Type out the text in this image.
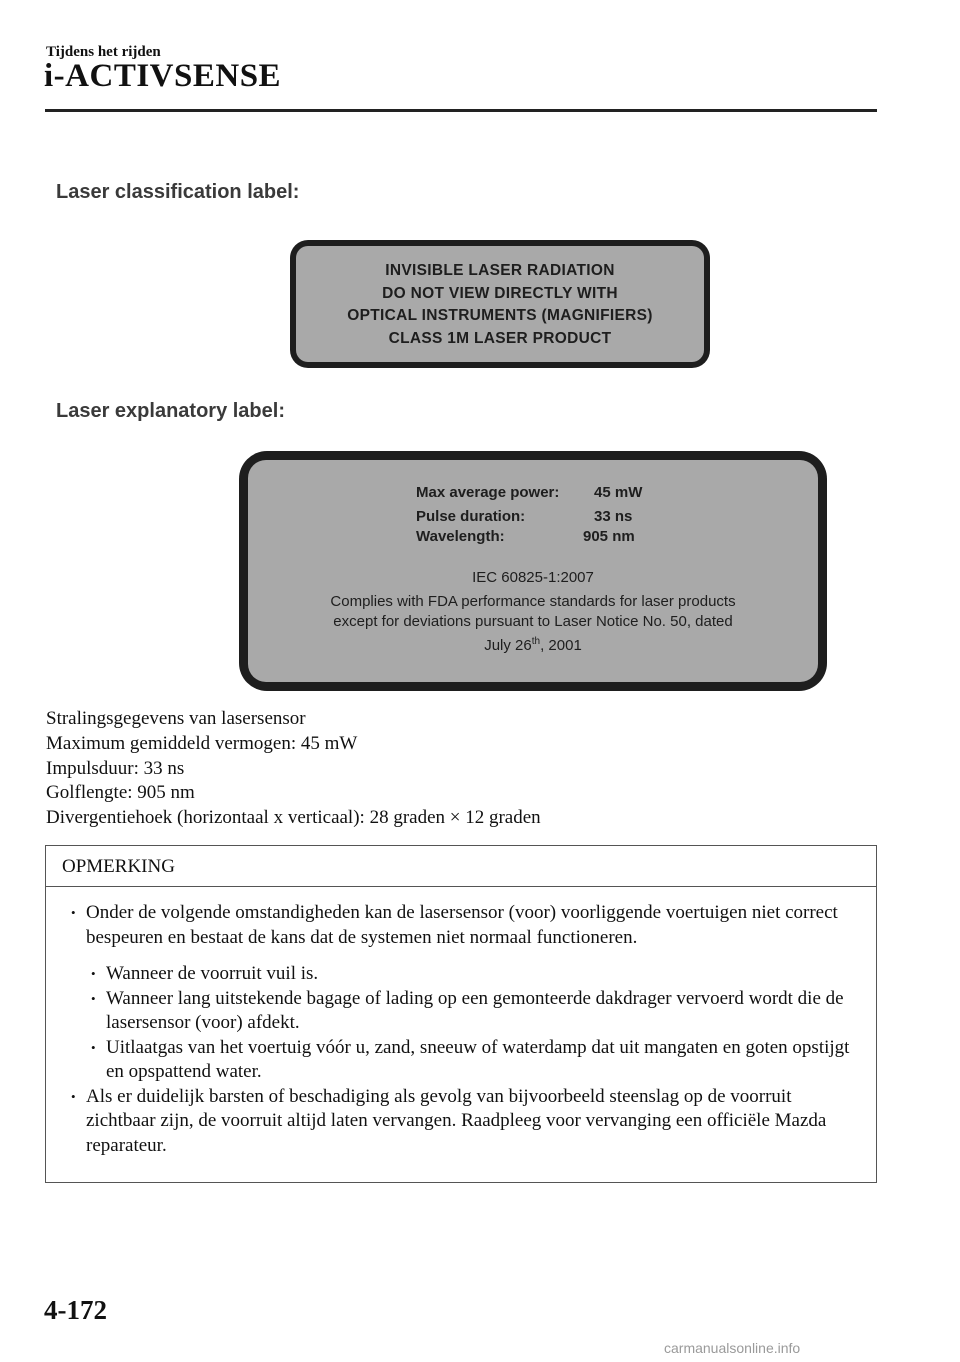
Tijdens het rijden
i-ACTIVSENSE
Laser classification label:
INVISIBLE LASER RADIATION
DO NOT VIEW DIRECTLY WITH
OPTICAL INSTRUMENTS (MAGNIFIERS)
CLASS 1M LASER PRODUCT
Laser explanatory label:
Max average power: 45 mW
Pulse duration:	33 ns
Wavelength:	905 nm
IEC 60825-1:2007
Complies with FDA performance standards for laser products
except for deviations pursuant to Laser Notice No. 50, dated
July 26th, 2001
Stralingsgegevens van lasersensor
Maximum gemiddeld vermogen: 45 mW
Impulsduur: 33 ns
Golflengte: 905 nm
Divergentiehoek (horizontaal x verticaal): 28 graden × 12 graden
OPMERKING
• Onder de volgende omstandigheden kan de lasersensor (voor) voorliggende voertuigen niet correct bespeuren en bestaat de kans dat de systemen niet normaal functioneren.
• Wanneer de voorruit vuil is.
• Wanneer lang uitstekende bagage of lading op een gemonteerde dakdrager vervoerd wordt die de lasersensor (voor) afdekt.
• Uitlaatgas van het voertuig vóór u, zand, sneeuw of waterdamp dat uit mangaten en goten opstijgt en opspattend water.
• Als er duidelijk barsten of beschadiging als gevolg van bijvoorbeeld steenslag op de voorruit zichtbaar zijn, de voorruit altijd laten vervangen. Raadpleeg voor vervanging een officiële Mazda reparateur.
4-172
carmanualsonline.info
